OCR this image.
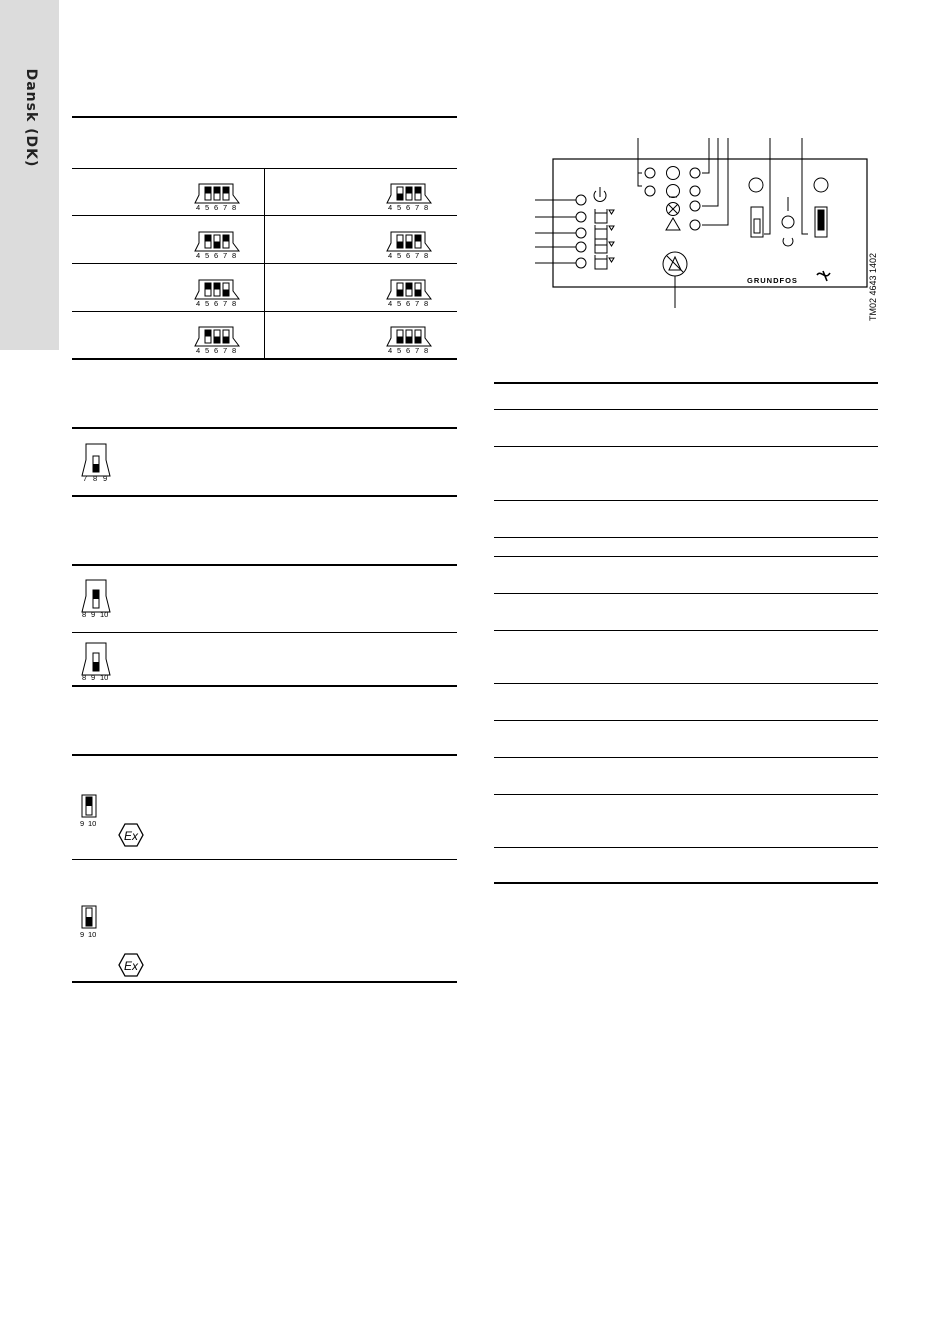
Dansk (DK)
4 5 6 7 8	4 5 6 7 8
4 5 6 7 8	4 5 6 7 8
4 5 6 7 8	4 5 6 7 8
4 5 6 7 8	4 5 6 7 8
7 8 9
8 9 10
8 9 10
9 10
Ex
9 10
Ex
GRUNDFOS	TM02 4643 1402
